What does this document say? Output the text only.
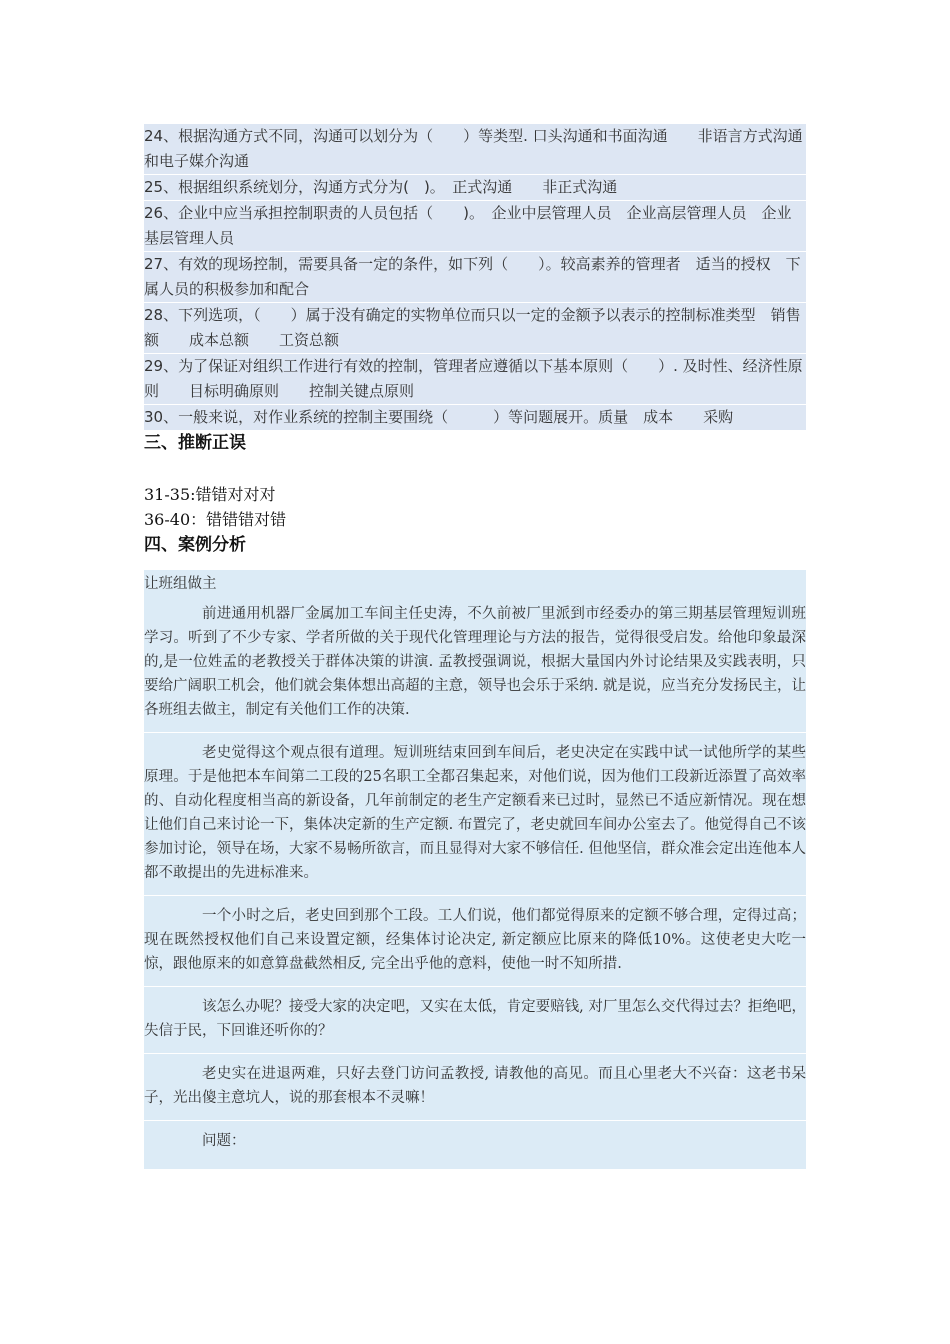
24、根据沟通方式不同，沟通可以划分为（　　）等类型. 口头沟通和书面沟通　　非语言方式沟通和电子媒介沟通

25、根据组织系统划分，沟通方式分为(　)。　正式沟通　　非正式沟通

26、企业中应当承担控制职责的人员包括（　　)。　企业中层管理人员　企业高层管理人员　企业基层管理人员

27、有效的现场控制，需要具备一定的条件，如下列（　　）。较高素养的管理者　适当的授权　下属人员的积极参加和配合

28、下列选项，（　　）属于没有确定的实物单位而只以一定的金额予以表示的控制标准类型　销售额　　成本总额　　工资总额

29、为了保证对组织工作进行有效的控制，管理者应遵循以下基本原则（　　）. 及时性、经济性原则　　目标明确原则　　控制关键点原则

30、一般来说，对作业系统的控制主要围绕（　　　）等问题展开。质量　成本　　采购

三、推断正误

31-35:错错对对对

36-40：错错错对错

四、案例分析

让班组做主

前进通用机器厂金属加工车间主任史涛，不久前被厂里派到市经委办的第三期基层管理短训班学习。听到了不少专家、学者所做的关于现代化管理理论与方法的报告，觉得很受启发。给他印象最深的,是一位姓孟的老教授关于群体决策的讲演. 孟教授强调说，根据大量国内外讨论结果及实践表明，只要给广阔职工机会，他们就会集体想出高超的主意，领导也会乐于采纳. 就是说，应当充分发扬民主，让各班组去做主，制定有关他们工作的决策.

老史觉得这个观点很有道理。短训班结束回到车间后，老史决定在实践中试一试他所学的某些原理。于是他把本车间第二工段的25名职工全都召集起来，对他们说，因为他们工段新近添置了高效率的、自动化程度相当高的新设备，几年前制定的老生产定额看来已过时，显然已不适应新情况。现在想让他们自己来讨论一下，集体决定新的生产定额. 布置完了，老史就回车间办公室去了。他觉得自己不该参加讨论，领导在场，大家不易畅所欲言，而且显得对大家不够信任. 但他坚信，群众准会定出连他本人都不敢提出的先进标准来。

一个小时之后，老史回到那个工段。工人们说，他们都觉得原来的定额不够合理，定得过高；现在既然授权他们自己来设置定额，经集体讨论决定, 新定额应比原来的降低10%。这使老史大吃一惊，跟他原来的如意算盘截然相反, 完全出乎他的意料，使他一时不知所措.

该怎么办呢？接受大家的决定吧，又实在太低，肯定要赔钱, 对厂里怎么交代得过去？拒绝吧，失信于民，下回谁还听你的？

老史实在进退两难，只好去登门访问孟教授, 请教他的高见。而且心里老大不兴奋：这老书呆子，光出傻主意坑人，说的那套根本不灵嘛！

问题：
